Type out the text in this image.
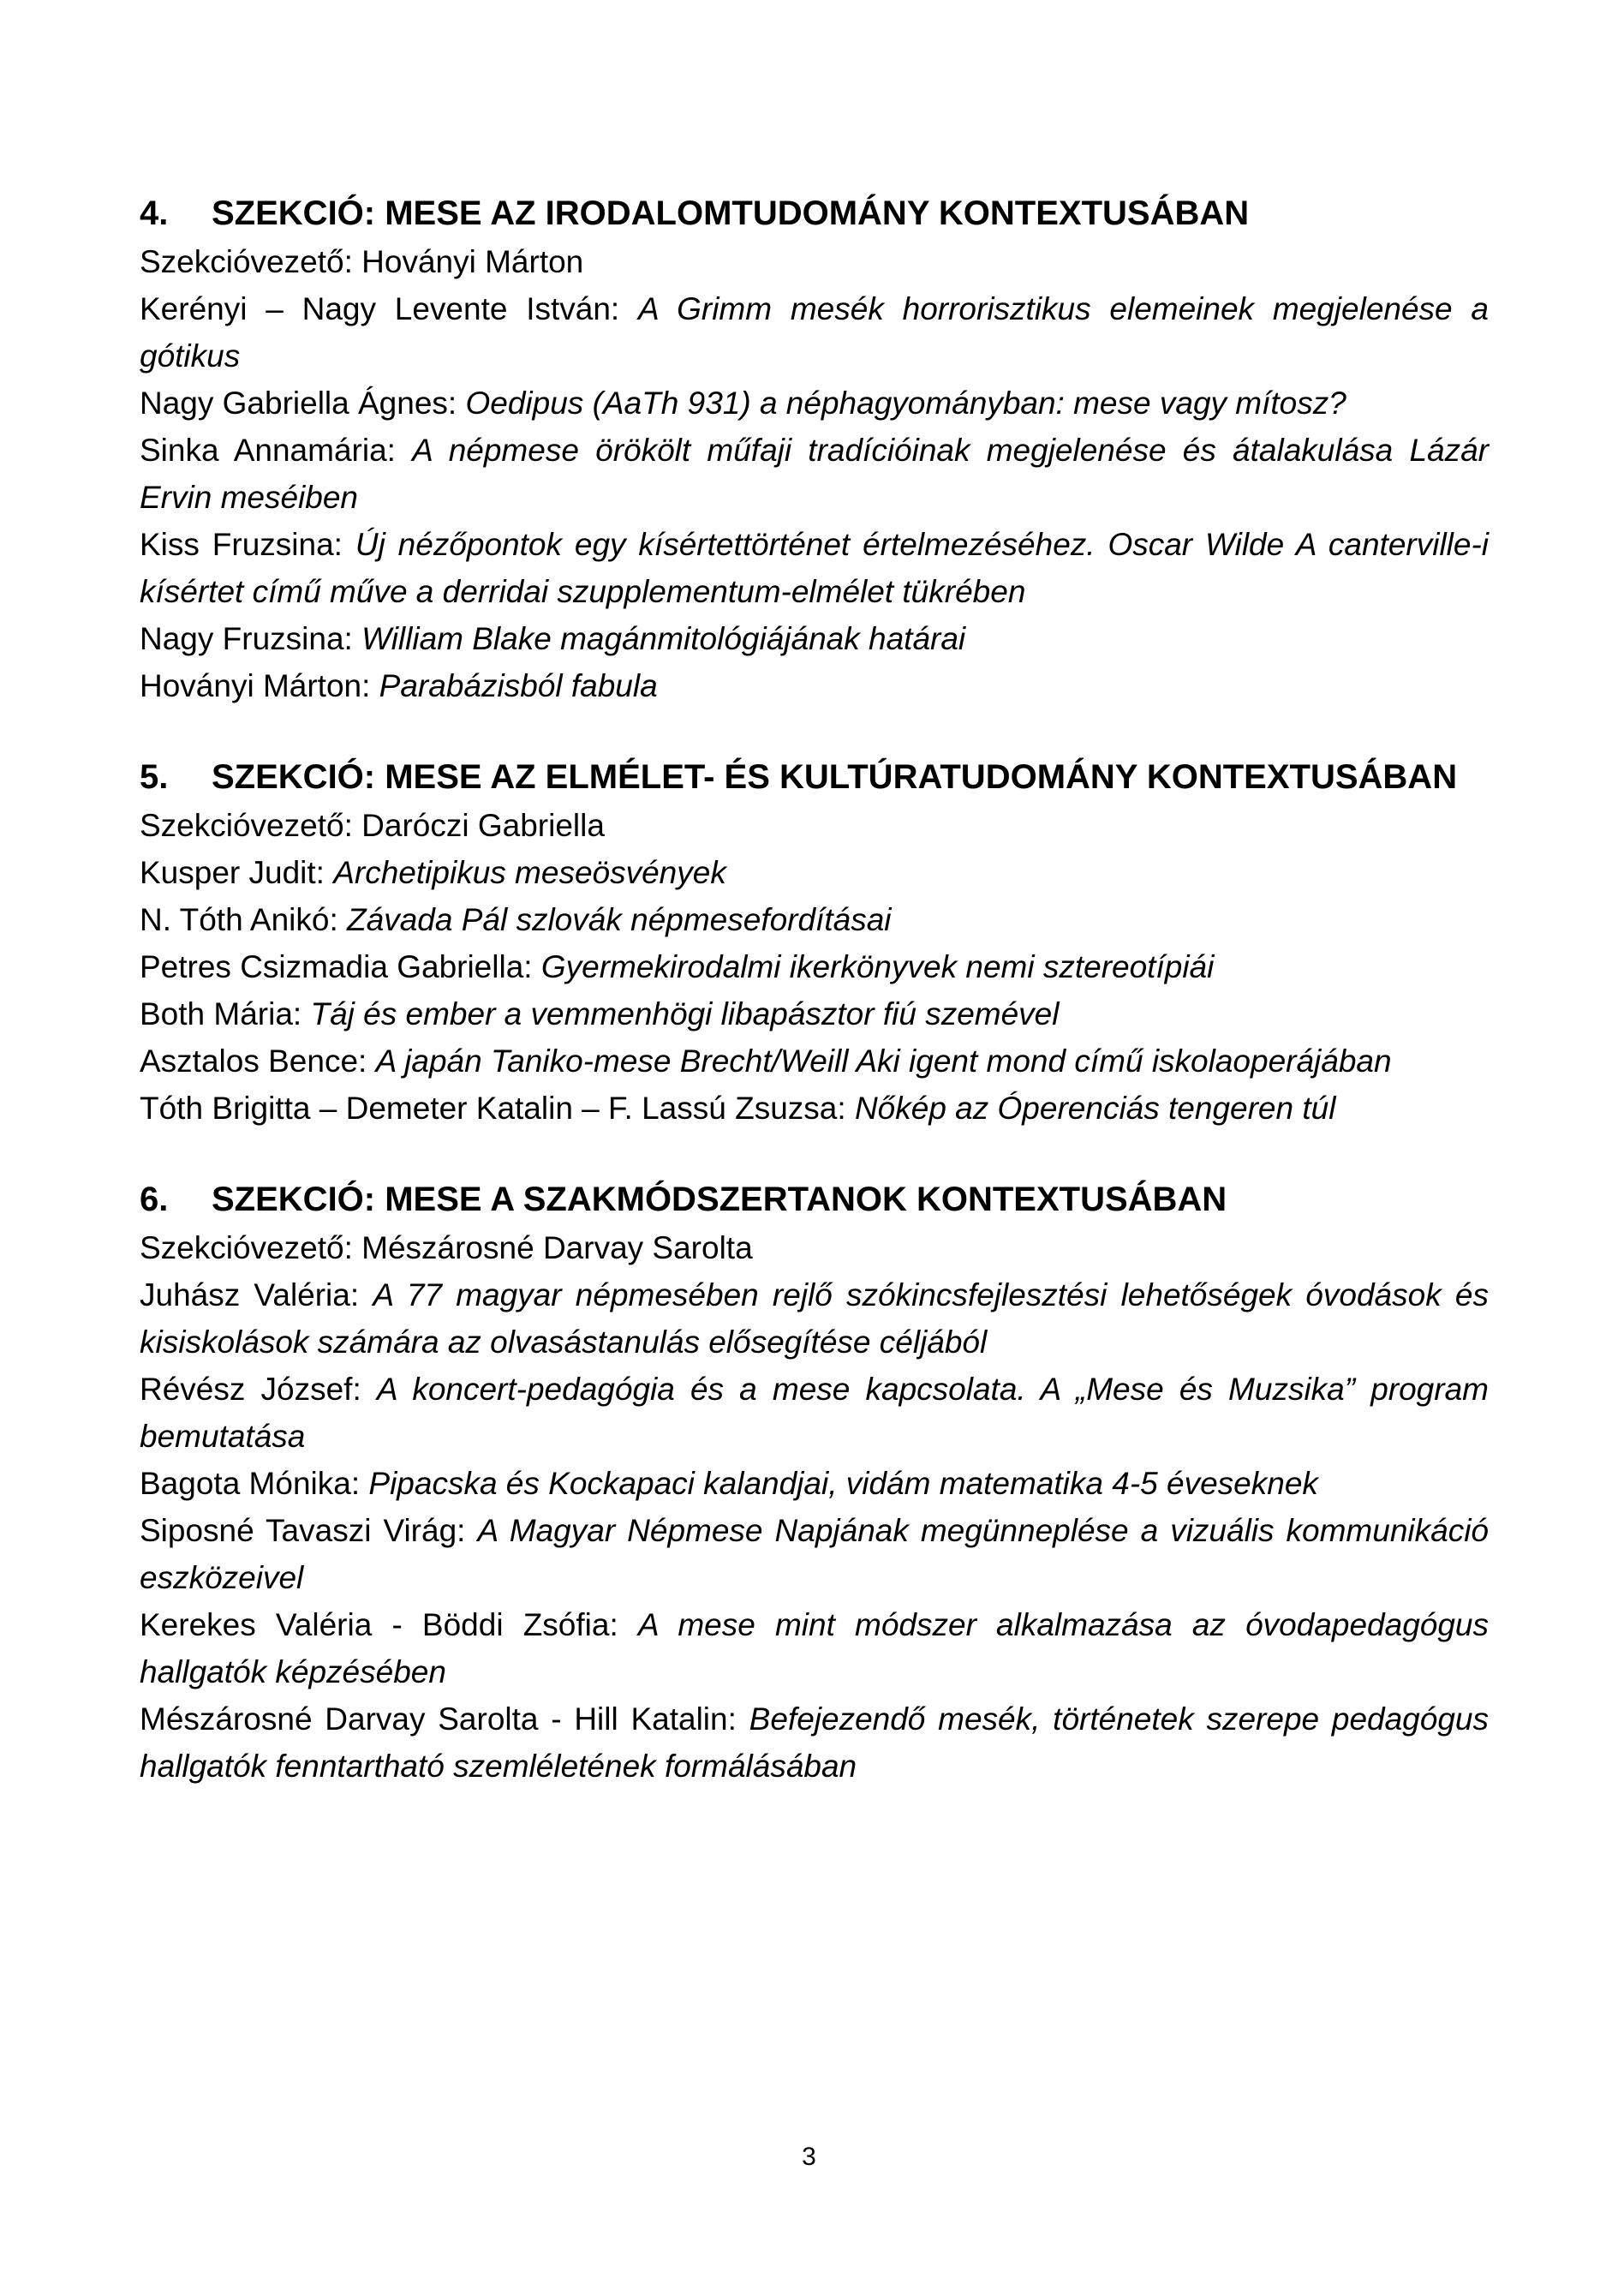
4.	SZEKCIÓ: MESE AZ IRODALOMTUDOMÁNY KONTEXTUSÁBAN
Szekcióvezető: Hoványi Márton
Kerényi – Nagy Levente István: A Grimm mesék horrorisztikus elemeinek megjelenése a gótikus
Nagy Gabriella Ágnes: Oedipus (AaTh 931) a néphagyományban: mese vagy mítosz?
Sinka Annamária: A népmese örökölt műfaji tradícióinak megjelenése és átalakulása Lázár Ervin meséiben
Kiss Fruzsina: Új nézőpontok egy kísértettörténet értelmezéséhez. Oscar Wilde A canterville-i kísértet című műve a derridai szupplementum-elmélet tükrében
Nagy Fruzsina: William Blake magánmitológiájának határai
Hoványi Márton: Parabázisból fabula
5.	SZEKCIÓ: MESE AZ ELMÉLET- ÉS KULTÚRATUDOMÁNY KONTEXTUSÁBAN
Szekcióvezető: Daróczi Gabriella
Kusper Judit: Archetipikus meseösvények
N. Tóth Anikó: Závada Pál szlovák népmesefordításai
Petres Csizmadia Gabriella: Gyermekirodalmi ikerkönyvek nemi sztereotípiái
Both Mária: Táj és ember a vemmenhögi libapásztor fiú szemével
Asztalos Bence: A japán Taniko-mese Brecht/Weill Aki igent mond című iskolaoperájában
Tóth Brigitta – Demeter Katalin – F. Lassú Zsuzsa: Nőkép az Óperenciás tengeren túl
6.	SZEKCIÓ: MESE A SZAKMÓDSZERTANOK KONTEXTUSÁBAN
Szekcióvezető: Mészárosné Darvay Sarolta
Juhász Valéria: A 77 magyar népmesében rejlő szókincsfejlesztési lehetőségek óvodások és kisiskolások számára az olvasástanulás elősegítése céljából
Révész József: A koncert-pedagógia és a mese kapcsolata. A „Mese és Muzsika” program bemutatása
Bagota Mónika: Pipacska és Kockapaci kalandjai, vidám matematika 4-5 éveseknek
Siposné Tavaszi Virág: A Magyar Népmese Napjának megünneplése a vizuális kommunikáció eszközeivel
Kerekes Valéria - Böddi Zsófia: A mese mint módszer alkalmazása az óvodapedagógus hallgatók képzésében
Mészárosné Darvay Sarolta - Hill Katalin: Befejezendő mesék, történetek szerepe pedagógus hallgatók fenntartható szemléletének formálásában
3
